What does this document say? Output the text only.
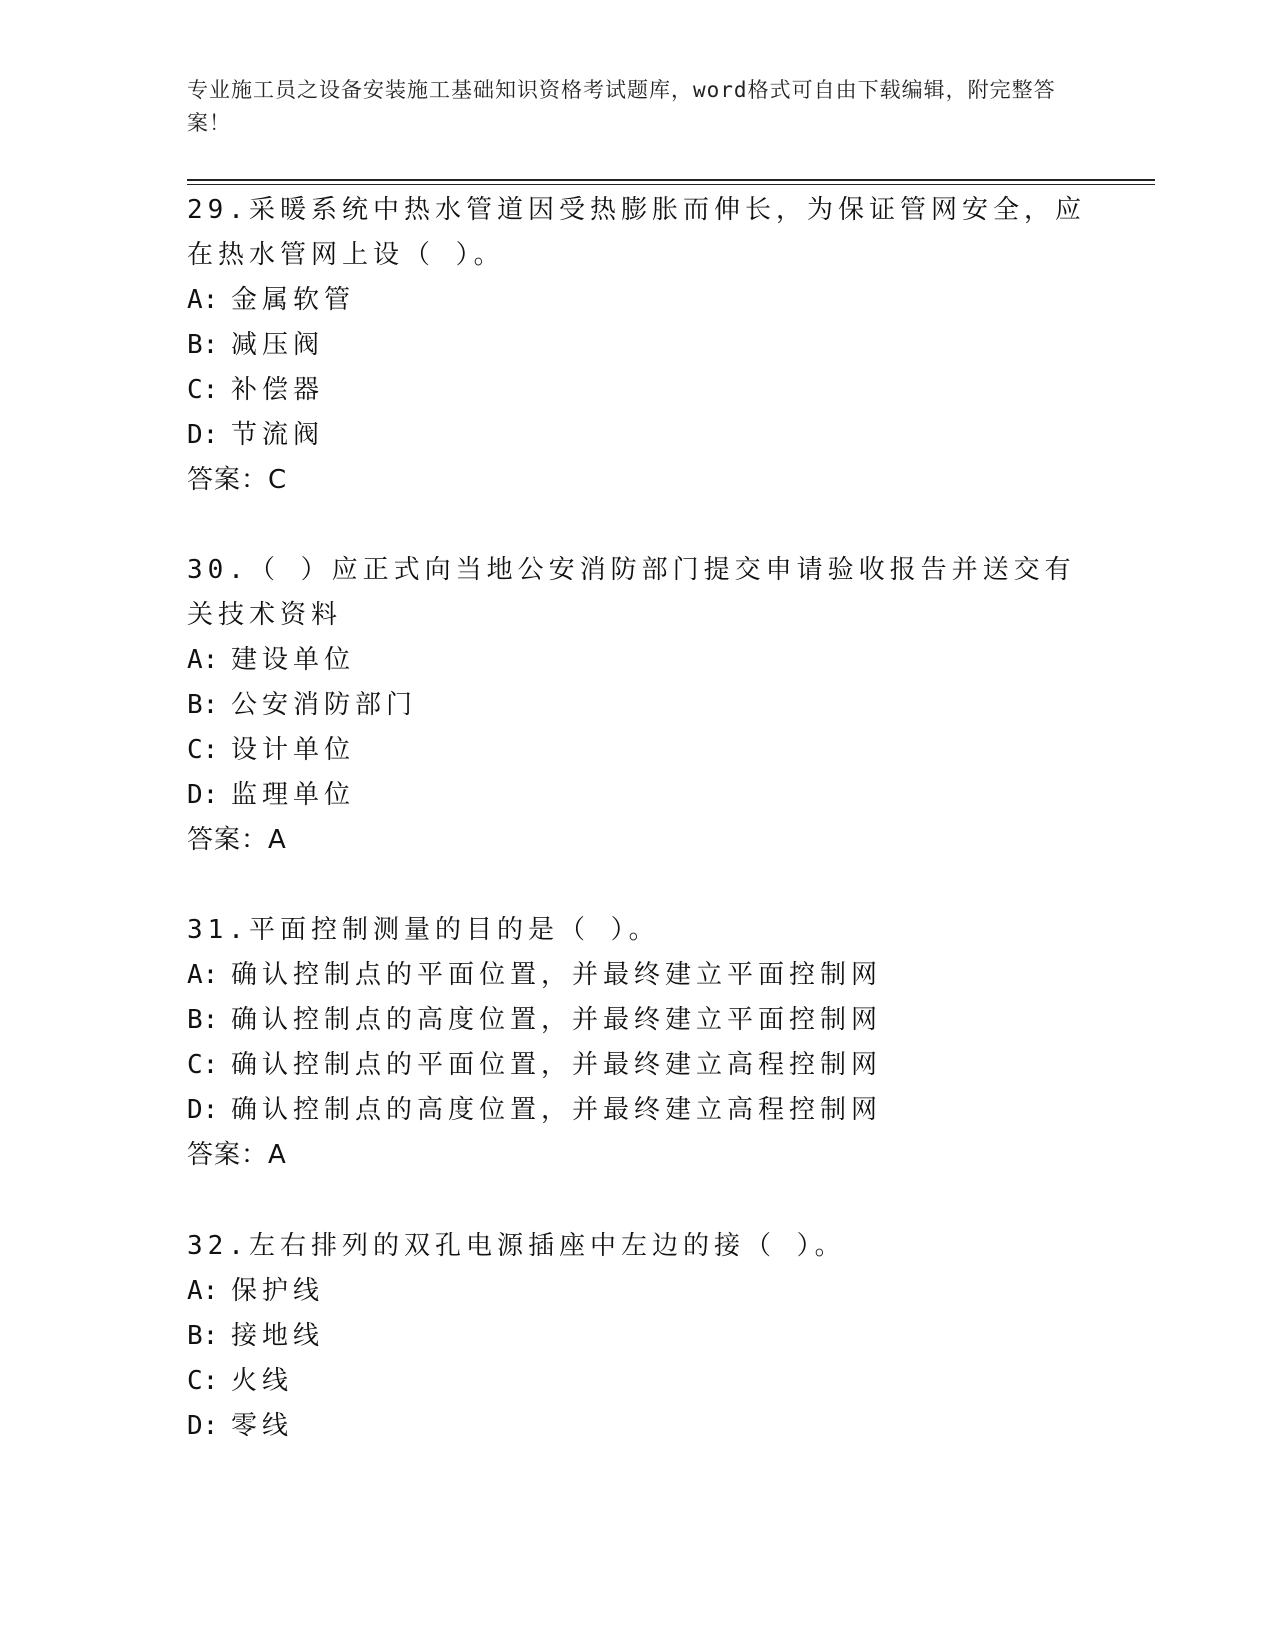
专业施工员之设备安装施工基础知识资格考试题库，word格式可自由下载编辑，附完整答案！

29.采暖系统中热水管道因受热膨胀而伸长，为保证管网安全，应在热水管网上设（ ）。

A: 金属软管

B: 减压阀

C: 补偿器

D: 节流阀

答案：C

30.（ ）应正式向当地公安消防部门提交申请验收报告并送交有关技术资料

A: 建设单位

B: 公安消防部门

C: 设计单位

D: 监理单位

答案：A

31.平面控制测量的目的是（ ）。

A: 确认控制点的平面位置，并最终建立平面控制网

B: 确认控制点的高度位置，并最终建立平面控制网

C: 确认控制点的平面位置，并最终建立高程控制网

D: 确认控制点的高度位置，并最终建立高程控制网

答案：A

32.左右排列的双孔电源插座中左边的接（ ）。

A: 保护线

B: 接地线

C: 火线

D: 零线
